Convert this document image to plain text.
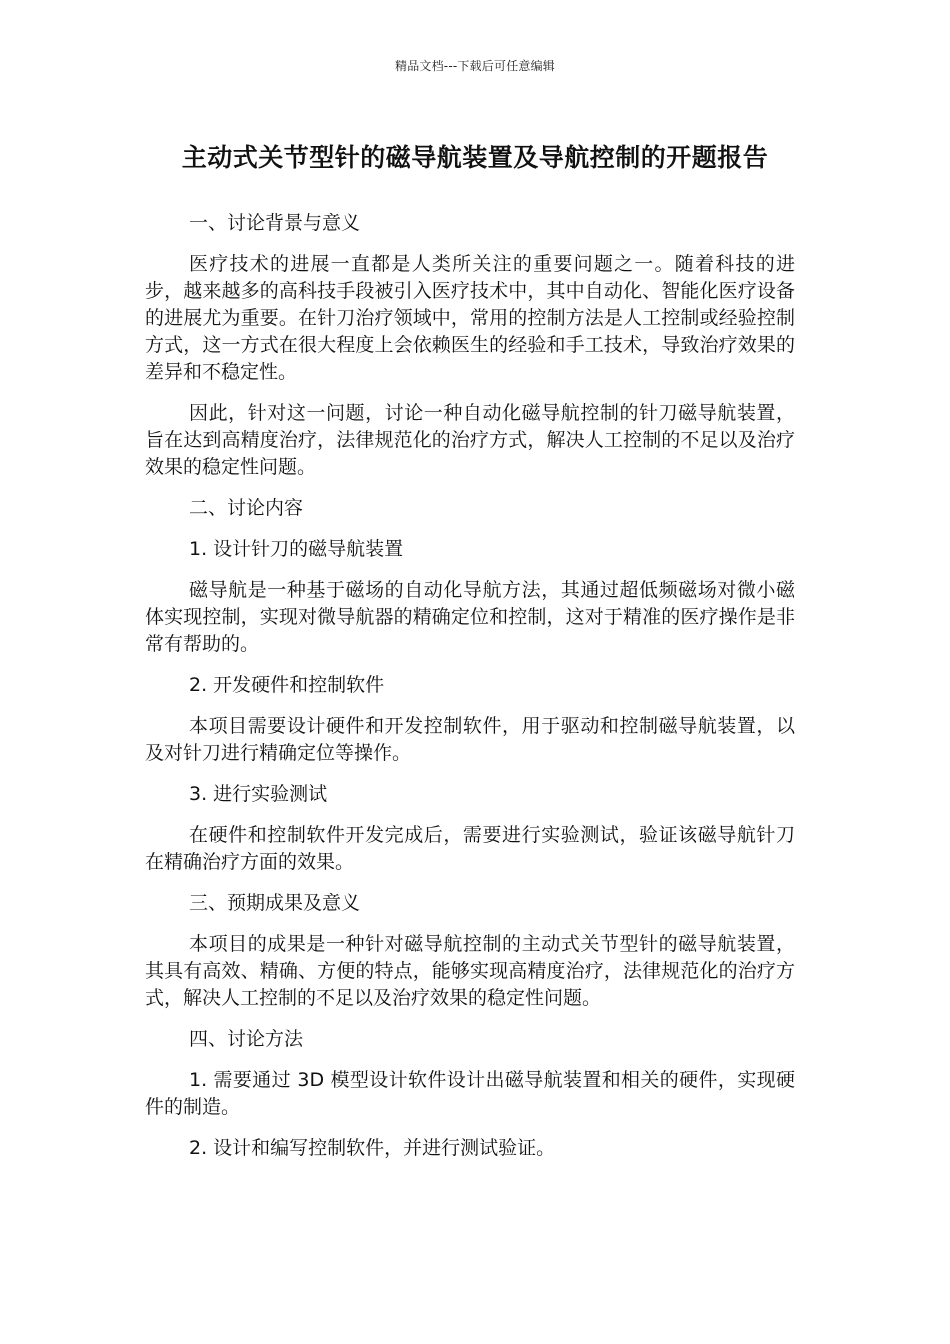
精品文档---下载后可任意编辑
主动式关节型针的磁导航装置及导航控制的开题报告
一、讨论背景与意义
医疗技术的进展一直都是人类所关注的重要问题之一。随着科技的进步，越来越多的高科技手段被引入医疗技术中，其中自动化、智能化医疗设备的进展尤为重要。在针刀治疗领域中，常用的控制方法是人工控制或经验控制方式，这一方式在很大程度上会依赖医生的经验和手工技术，导致治疗效果的差异和不稳定性。
因此，针对这一问题，讨论一种自动化磁导航控制的针刀磁导航装置，旨在达到高精度治疗，法律规范化的治疗方式，解决人工控制的不足以及治疗效果的稳定性问题。
二、讨论内容
1. 设计针刀的磁导航装置
磁导航是一种基于磁场的自动化导航方法，其通过超低频磁场对微小磁体实现控制，实现对微导航器的精确定位和控制，这对于精准的医疗操作是非常有帮助的。
2. 开发硬件和控制软件
本项目需要设计硬件和开发控制软件，用于驱动和控制磁导航装置，以及对针刀进行精确定位等操作。
3. 进行实验测试
在硬件和控制软件开发完成后，需要进行实验测试，验证该磁导航针刀在精确治疗方面的效果。
三、预期成果及意义
本项目的成果是一种针对磁导航控制的主动式关节型针的磁导航装置，其具有高效、精确、方便的特点，能够实现高精度治疗，法律规范化的治疗方式，解决人工控制的不足以及治疗效果的稳定性问题。
四、讨论方法
1. 需要通过 3D 模型设计软件设计出磁导航装置和相关的硬件，实现硬件的制造。
2. 设计和编写控制软件，并进行测试验证。
